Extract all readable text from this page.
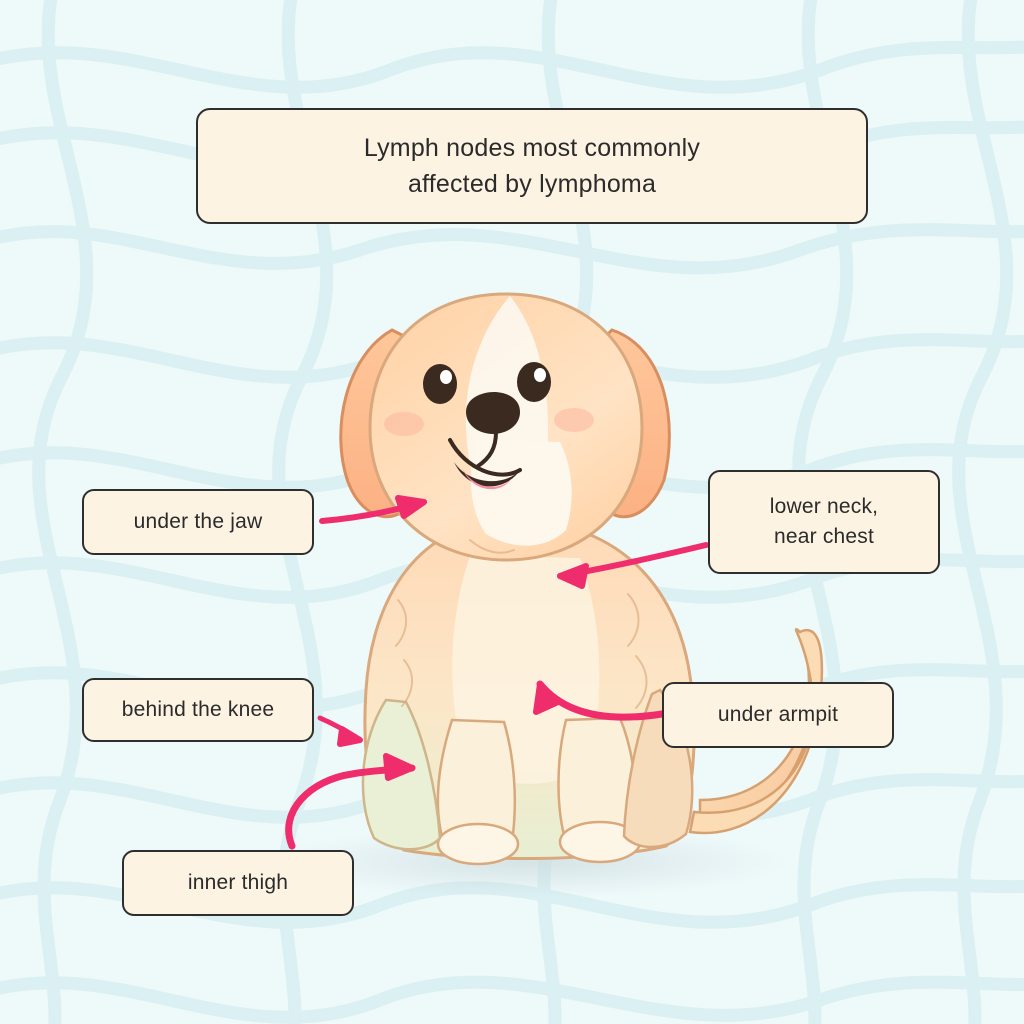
Lymph nodes most commonly
affected by lymphoma
under the jaw
lower neck,
near chest
behind the knee	under armpit
inner thigh
